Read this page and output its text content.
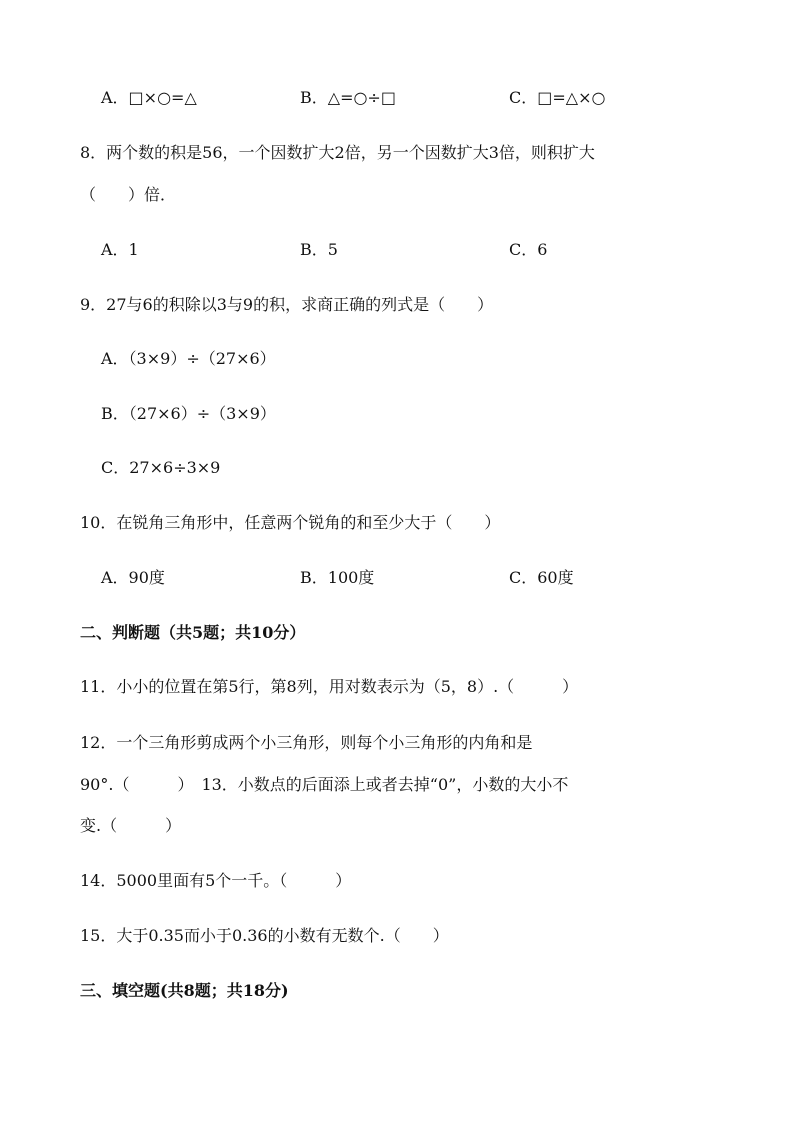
A．□×○=△	B．△=○÷□	C．□=△×○
8．两个数的积是56，一个因数扩大2倍，另一个因数扩大3倍，则积扩大
（　　）倍．
A．1	B．5	C．6
9．27与6的积除以3与9的积，求商正确的列式是（　　）
A．（3×9）÷（27×6）
B．（27×6）÷（3×9）
C．27×6÷3×9
10．在锐角三角形中，任意两个锐角的和至少大于（　　）
A．90度	B．100度	C．60度
二、判断题（共5题；共10分）
11．小小的位置在第5行，第8列，用对数表示为（5，8）.（　　　）
12．一个三角形剪成两个小三角形，则每个小三角形的内角和是
90°.（　　　）　13．小数点的后面添上或者去掉“0”，小数的大小不
变.（　　　）
14．5000里面有5个一千。（　　　）
15．大于0.35而小于0.36的小数有无数个.（　　）
三、填空题(共8题；共18分)
